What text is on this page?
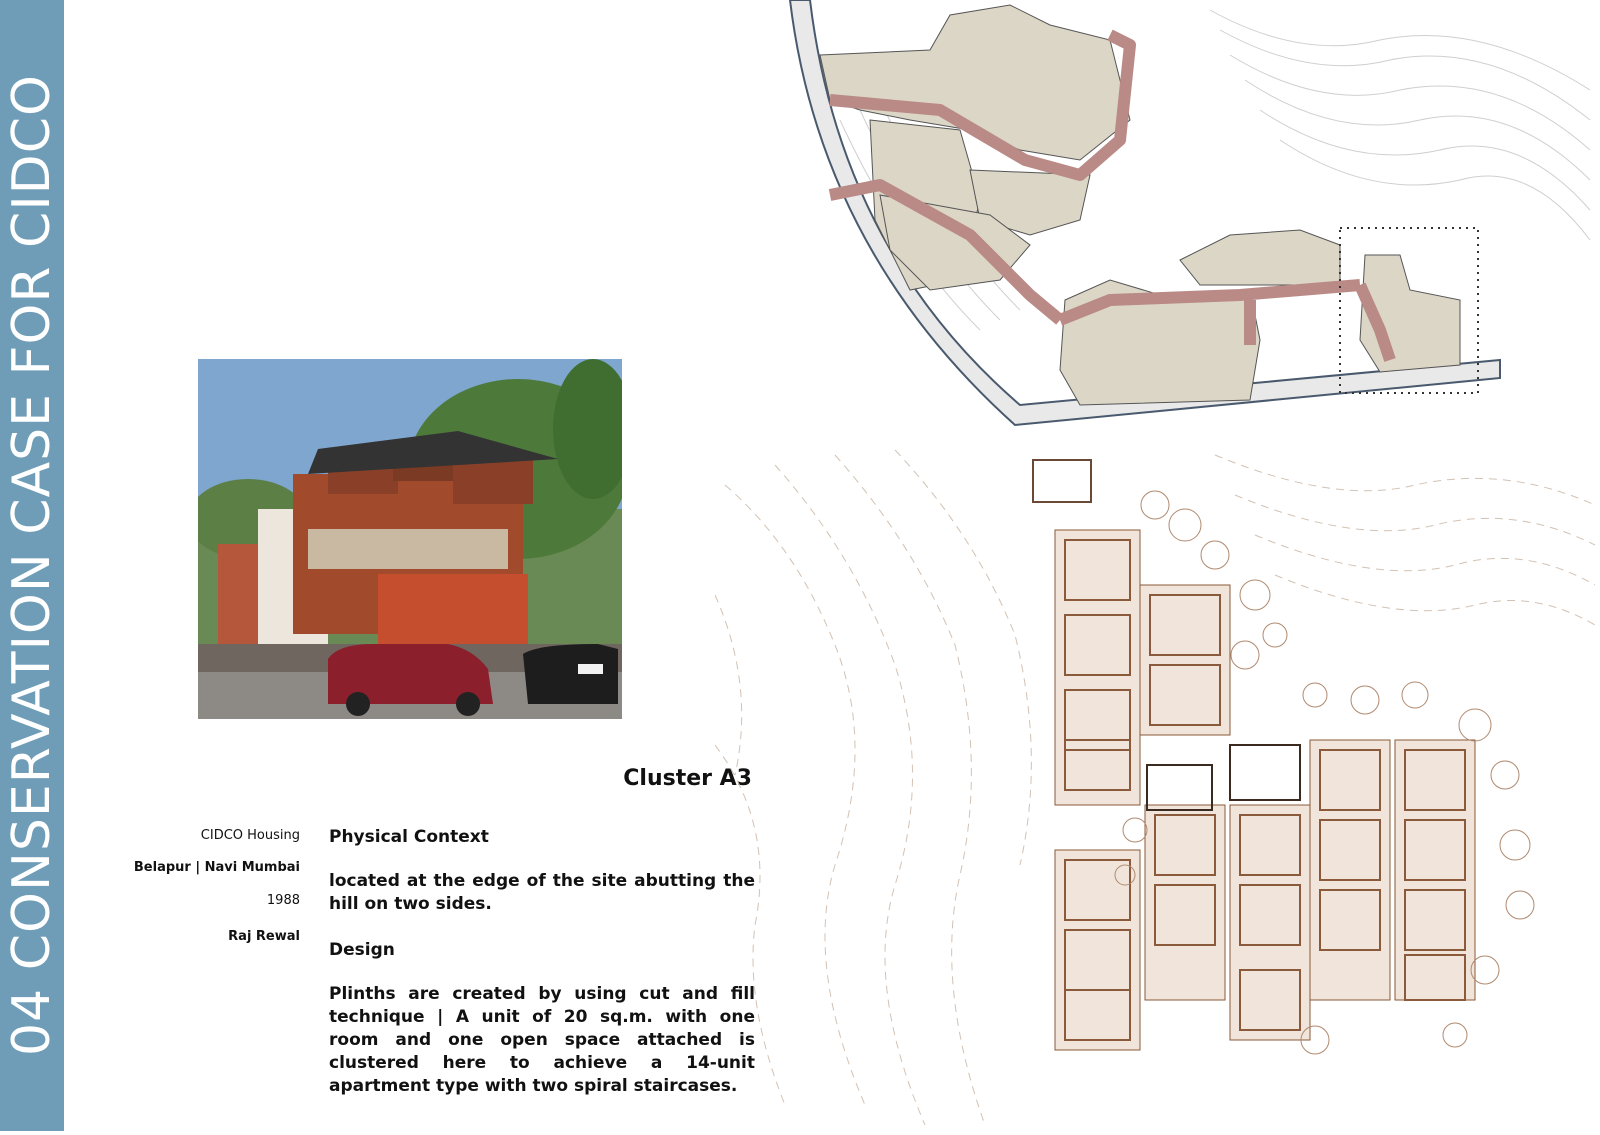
04 CONSERVATION CASE FOR CIDCO	Cluster A3
CIDCO Housing
Belapur | Navi Mumbai
1988
Raj Rewal
Physical Context
located at the edge of the site abutting the hill on two sides.
Design
Plinths are created by using cut and fill technique | A unit of 20 sq.m. with one room and one open space attached is clustered here to achieve a 14-unit apartment type with two spiral staircases.
